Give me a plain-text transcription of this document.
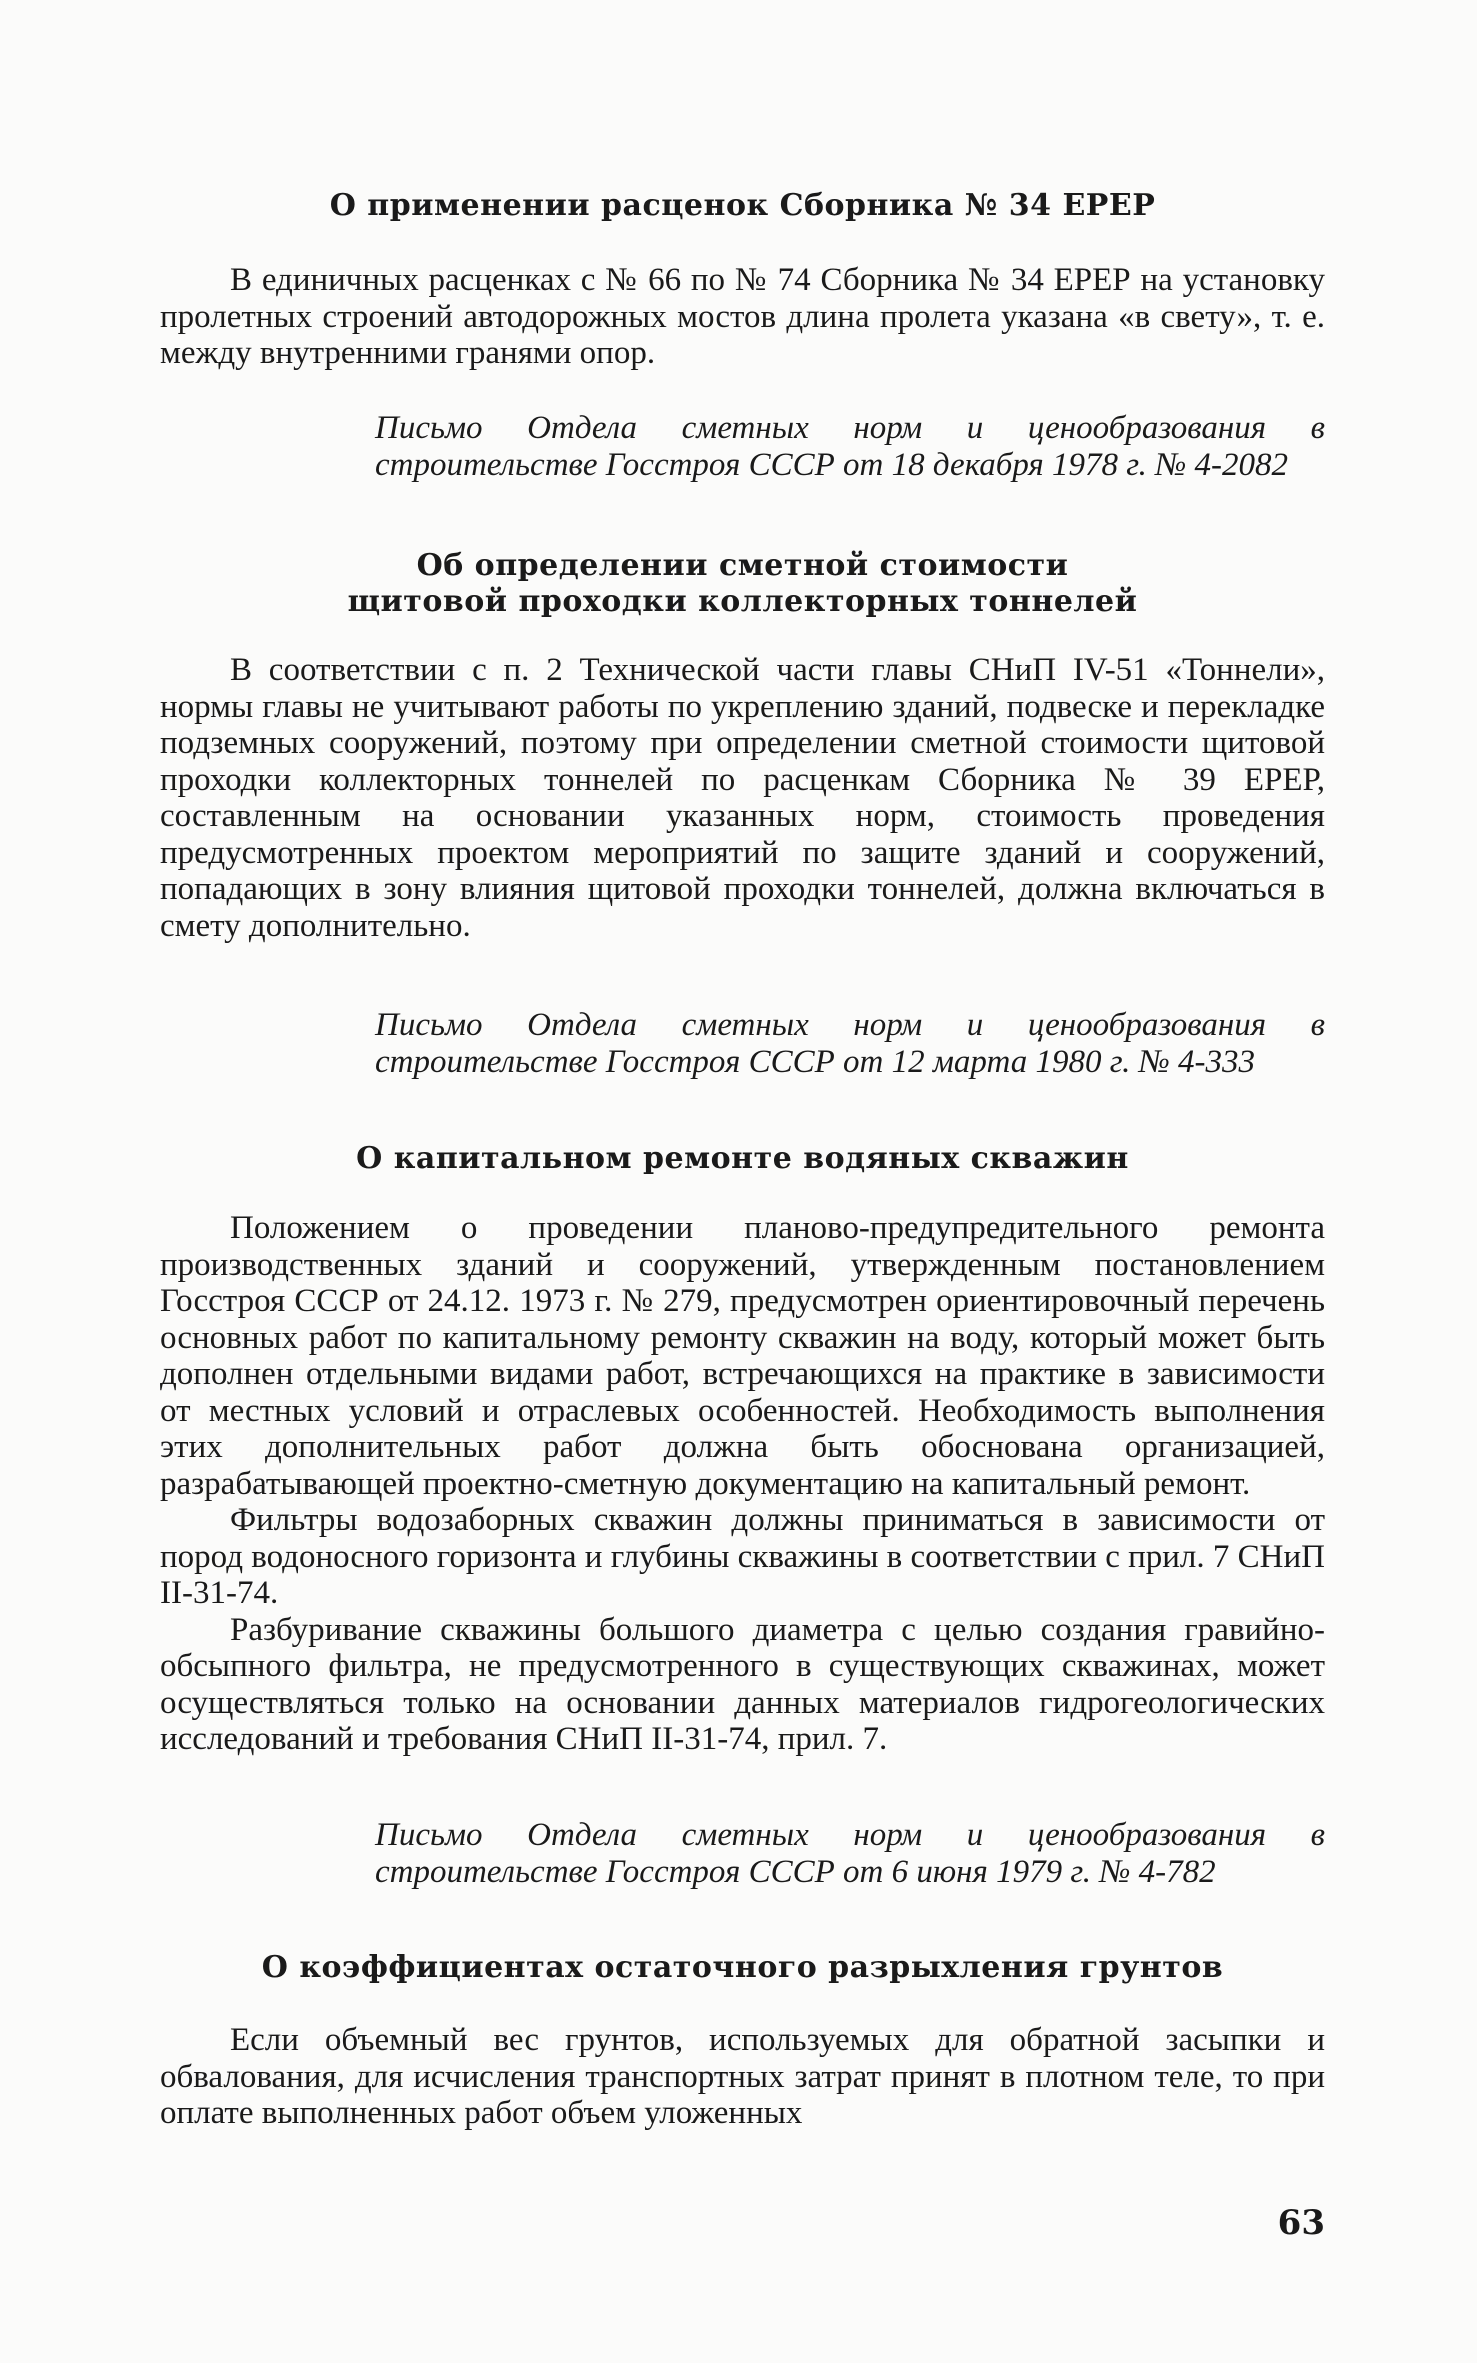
О применении расценок Сборника № 34 ЕРЕР

В единичных расценках с № 66 по № 74 Сборника № 34 ЕРЕР на установку пролетных строений автодорожных мостов длина пролета указана «в свету», т. е. между внутренними гранями опор.

Письмо Отдела сметных норм и ценообразования в строительстве Госстроя СССР от 18 декабря 1978 г. № 4-2082

Об определении сметной стоимости
щитовой проходки коллекторных тоннелей

В соответствии с п. 2 Технической части главы СНиП IV-51 «Тоннели», нормы главы не учитывают работы по укреплению зданий, подвеске и перекладке подземных сооружений, поэтому при определении сметной стоимости щитовой проходки коллекторных тоннелей по расценкам Сборника № 39 ЕРЕР, составленным на основании указанных норм, стоимость проведения предусмотренных проектом мероприятий по защите зданий и сооружений, попадающих в зону влияния щитовой проходки тоннелей, должна включаться в смету дополнительно.

Письмо Отдела сметных норм и ценообразования в строительстве Госстроя СССР от 12 марта 1980 г. № 4-333

О капитальном ремонте водяных скважин

Положением о проведении планово-предупредительного ремонта производственных зданий и сооружений, утвержденным постановлением Госстроя СССР от 24.12. 1973 г. № 279, предусмотрен ориентировочный перечень основных работ по капитальному ремонту скважин на воду, который может быть дополнен отдельными видами работ, встречающихся на практике в зависимости от местных условий и отраслевых особенностей. Необходимость выполнения этих дополнительных работ должна быть обоснована организацией, разрабатывающей проектно-сметную документацию на капитальный ремонт.

Фильтры водозаборных скважин должны приниматься в зависимости от пород водоносного горизонта и глубины скважины в соответствии с прил. 7 СНиП II-31-74.

Разбуривание скважины большого диаметра с целью создания гравийно-обсыпного фильтра, не предусмотренного в существующих скважинах, может осуществляться только на основании данных материалов гидрогеологических исследований и требования СНиП II-31-74, прил. 7.

Письмо Отдела сметных норм и ценообразования в строительстве Госстроя СССР от 6 июня 1979 г. № 4-782

О коэффициентах остаточного разрыхления грунтов

Если объемный вес грунтов, используемых для обратной засыпки и обвалования, для исчисления транспортных затрат принят в плотном теле, то при оплате выполненных работ объем уложенных

63
